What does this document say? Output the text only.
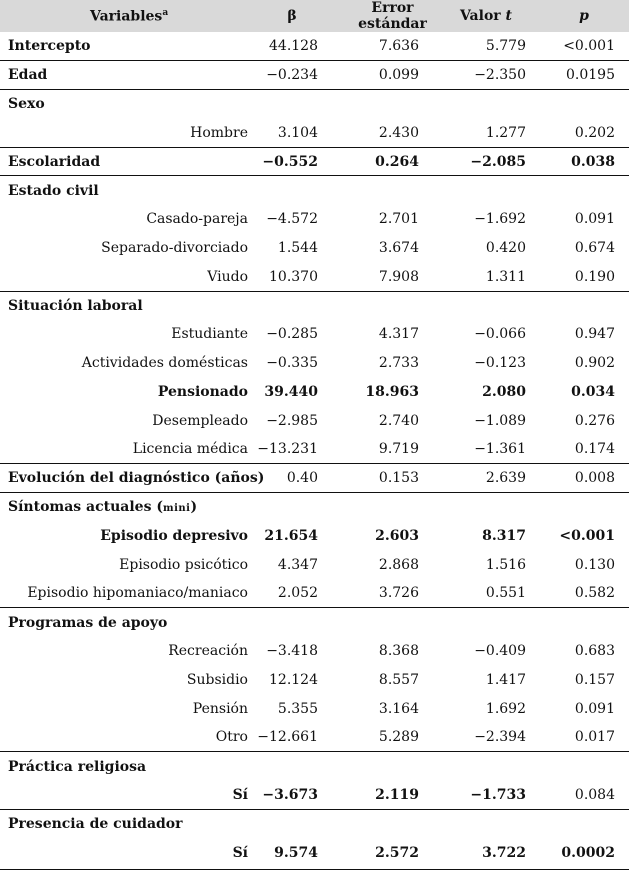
Variables$^a$	β	Error estándar	Valor t	p
Intercepto	44.128	7.636	5.779	<0.001
Edad	−0.234	0.099	−2.350	0.0195
Sexo				
Hombre	3.104	2.430	1.277	0.202
Escolaridad	−0.552	0.264	−2.085	0.038
Estado civil				
Casado-pareja	−4.572	2.701	−1.692	0.091
Separado-divorciado	1.544	3.674	0.420	0.674
Viudo	10.370	7.908	1.311	0.190
Situación laboral				
Estudiante	−0.285	4.317	−0.066	0.947
Actividades domésticas	−0.335	2.733	−0.123	0.902
Pensionado	39.440	18.963	2.080	0.034
Desempleado	−2.985	2.740	−1.089	0.276
Licencia médica	−13.231	9.719	−1.361	0.174
Evolución del diagnóstico (años)	0.40	0.153	2.639	0.008
Síntomas actuales (mini)				
Episodio depresivo	21.654	2.603	8.317	<0.001
Episodio psicótico	4.347	2.868	1.516	0.130
Episodio hipomaniaco/maniaco	2.052	3.726	0.551	0.582
Programas de apoyo				
Recreación	−3.418	8.368	−0.409	0.683
Subsidio	12.124	8.557	1.417	0.157
Pensión	5.355	3.164	1.692	0.091
Otro	−12.661	5.289	−2.394	0.017
Práctica religiosa				
Sí	−3.673	2.119	−1.733	0.084
Presencia de cuidador				
Sí	9.574	2.572	3.722	0.0002
